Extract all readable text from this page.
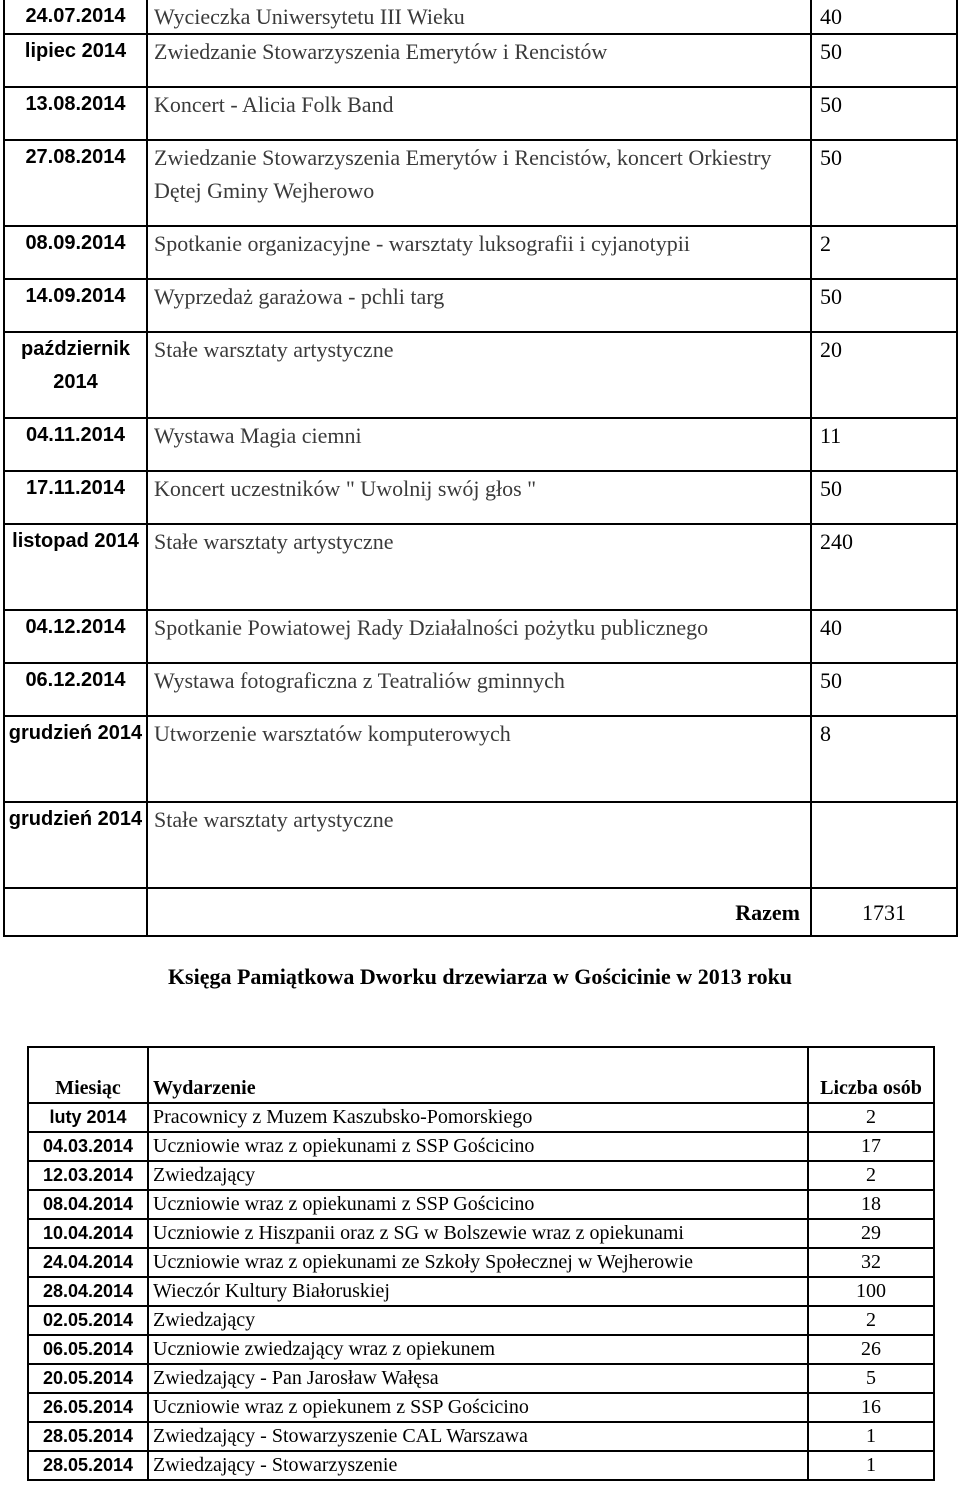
24.07.2014	Wycieczka Uniwersytetu III Wieku	40
lipiec 2014	Zwiedzanie Stowarzyszenia Emerytów i Rencistów	50
13.08.2014	Koncert - Alicia Folk Band	50
27.08.2014	Zwiedzanie Stowarzyszenia Emerytów i Rencistów, koncert Orkiestry Dętej Gminy Wejherowo	50
08.09.2014	Spotkanie organizacyjne - warsztaty luksografii i cyjanotypii	2
14.09.2014	Wyprzedaż garażowa - pchli targ	50
październik 2014	Stałe warsztaty artystyczne	20
04.11.2014	Wystawa Magia ciemni	11
17.11.2014	Koncert uczestników " Uwolnij swój głos "	50
listopad 2014	Stałe warsztaty artystyczne	240
04.12.2014	Spotkanie Powiatowej Rady Działalności pożytku publicznego	40
06.12.2014	Wystawa fotograficzna z Teatraliów gminnych	50
grudzień 2014	Utworzenie warsztatów komputerowych	8
grudzień 2014	Stałe warsztaty artystyczne	
	Razem	1731
Księga Pamiątkowa Dworku drzewiarza w Gościcinie w 2013 roku
Miesiąc	Wydarzenie	Liczba osób
luty 2014	Pracownicy z Muzem Kaszubsko-Pomorskiego	2
04.03.2014	Uczniowie wraz z opiekunami z SSP Gościcino	17
12.03.2014	Zwiedzający	2
08.04.2014	Uczniowie wraz z opiekunami z SSP Gościcino	18
10.04.2014	Uczniowie z Hiszpanii oraz z SG w Bolszewie wraz z opiekunami	29
24.04.2014	Uczniowie wraz z opiekunami ze Szkoły Społecznej w Wejherowie	32
28.04.2014	Wieczór Kultury Białoruskiej	100
02.05.2014	Zwiedzający	2
06.05.2014	Uczniowie zwiedzający wraz z opiekunem	26
20.05.2014	Zwiedzający - Pan Jarosław Wałęsa	5
26.05.2014	Uczniowie wraz z opiekunem z SSP Gościcino	16
28.05.2014	Zwiedzający - Stowarzyszenie CAL Warszawa	1
28.05.2014	Zwiedzający - Stowarzyszenie	1
